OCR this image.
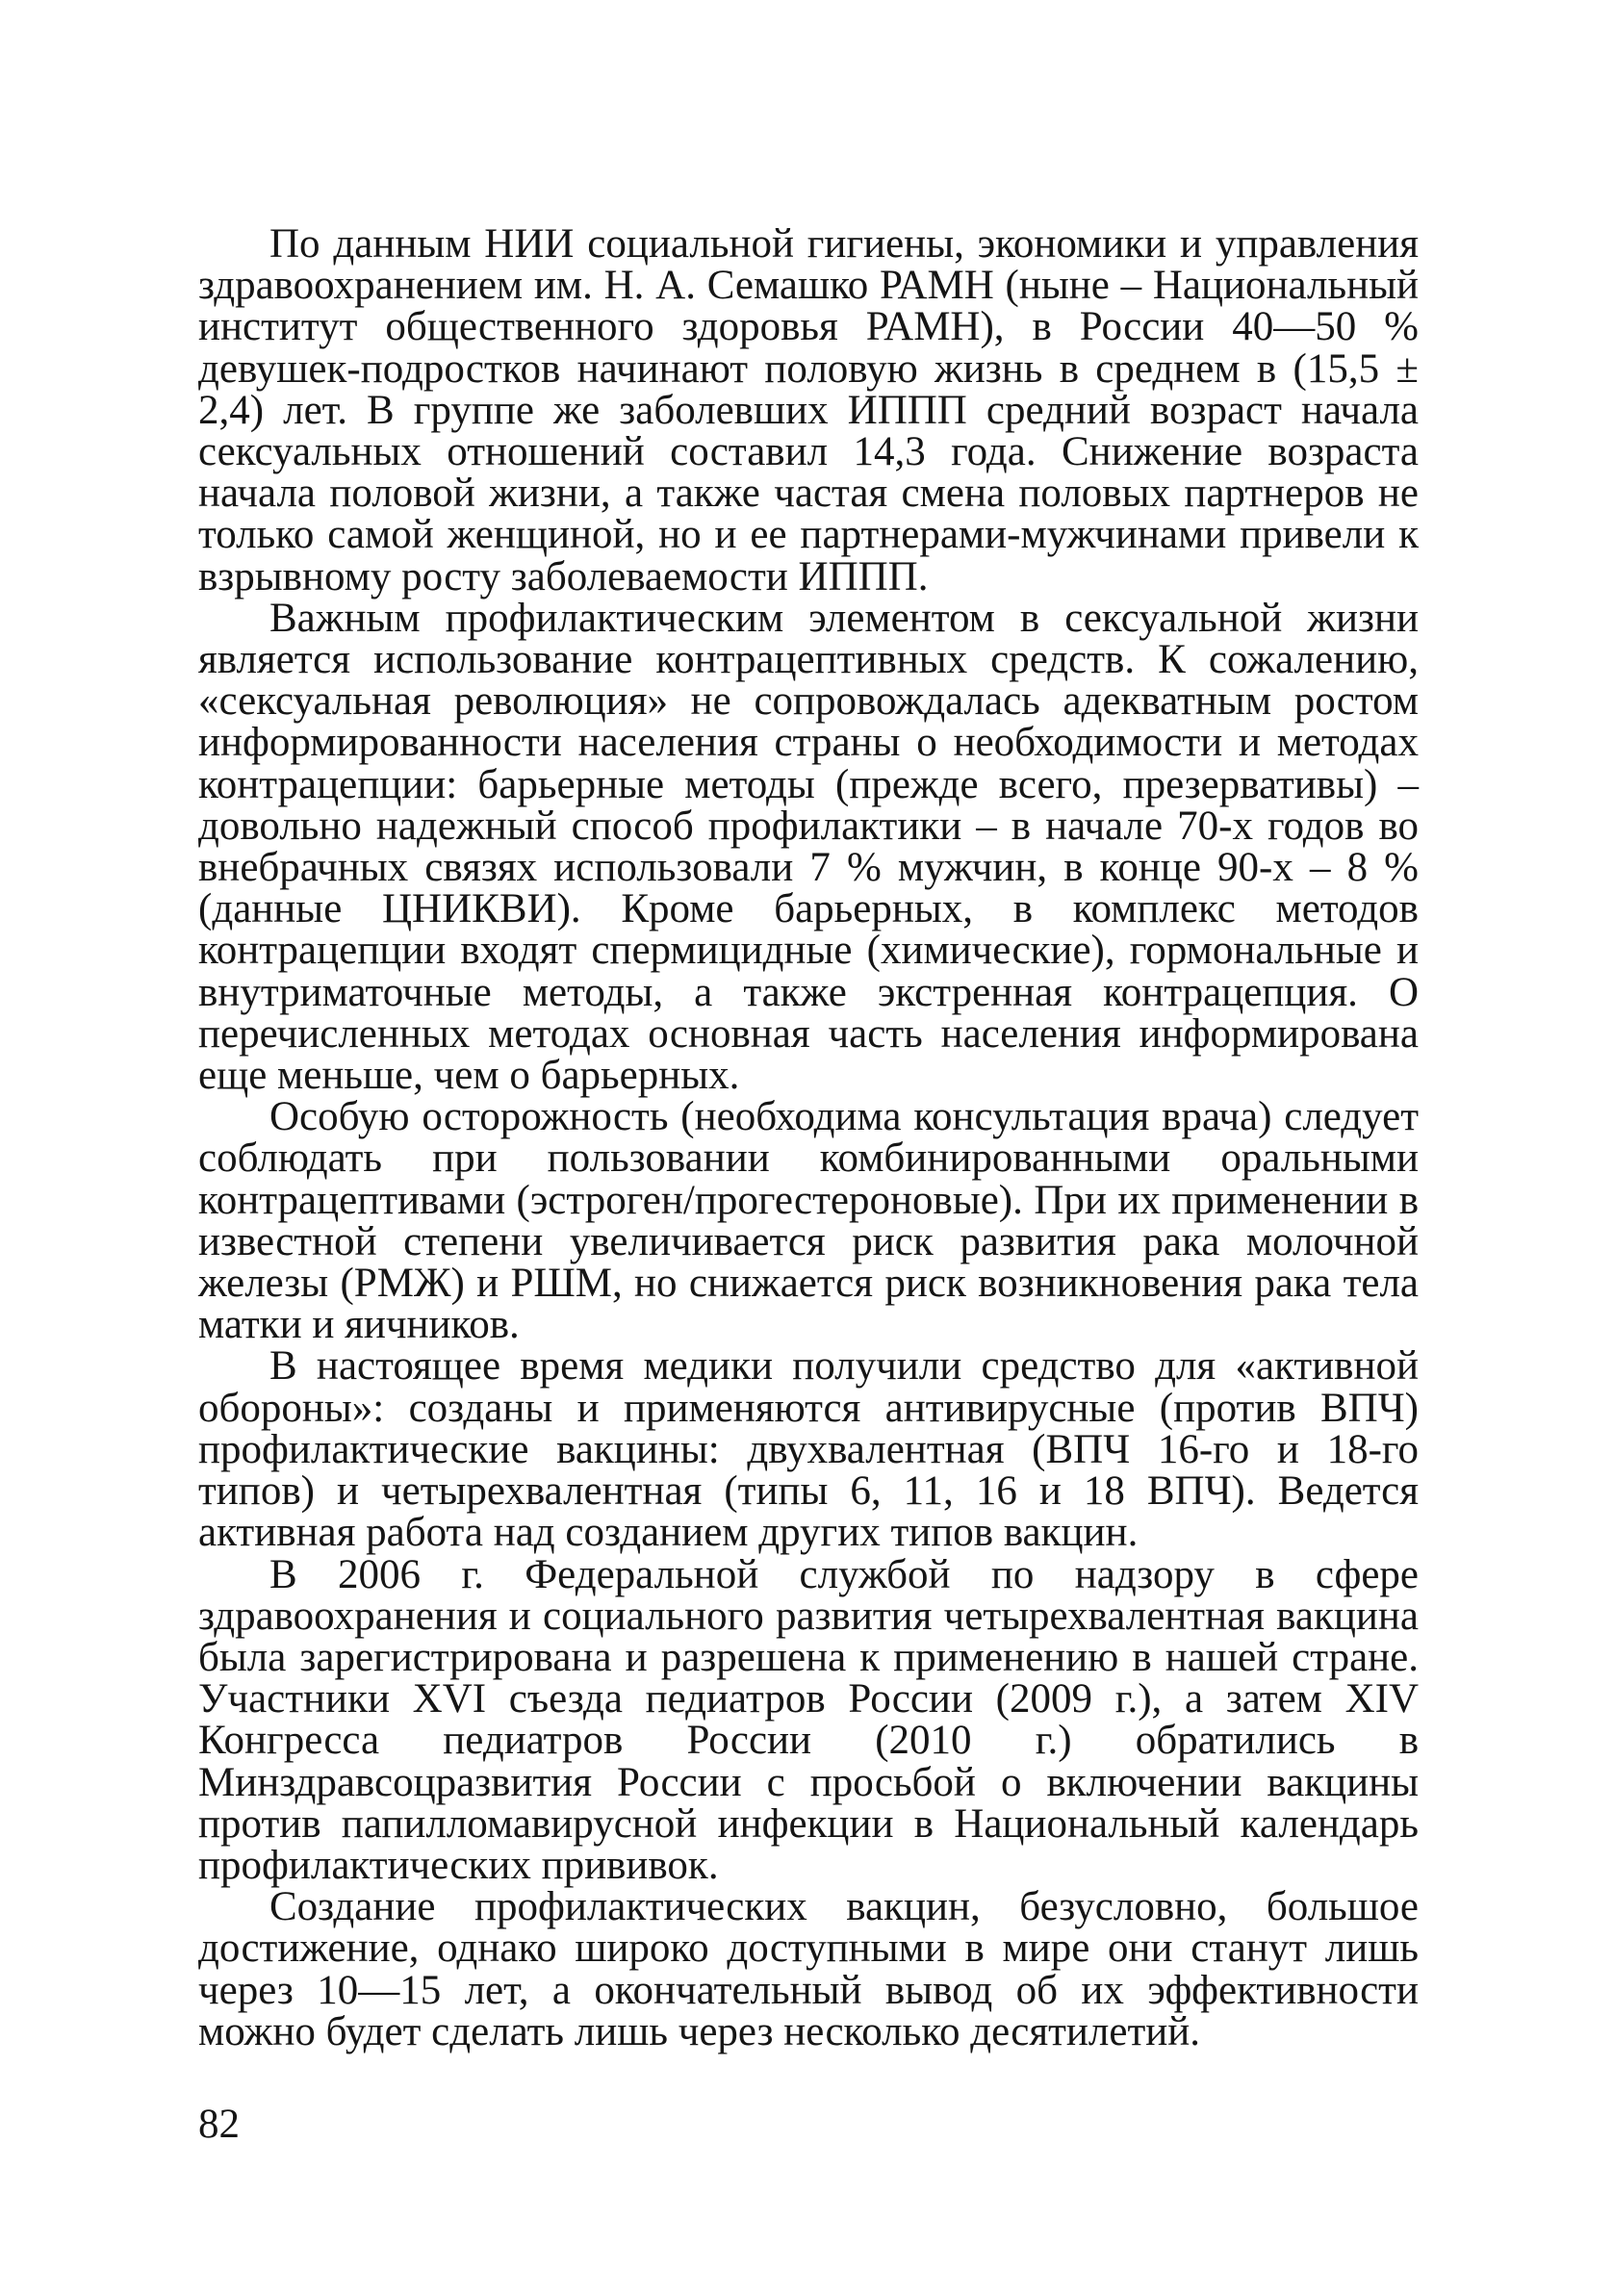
По данным НИИ социальной гигиены, экономики и управления здравоохранением им. Н. А. Семашко РАМН (ныне – Национальный институт общественного здоровья РАМН), в России 40—50 % девушек-подростков начинают половую жизнь в среднем в (15,5 ± 2,4) лет. В группе же заболевших ИППП средний возраст начала сексуальных отношений составил 14,3 года. Снижение возраста начала половой жизни, а также частая смена половых партнеров не только самой женщиной, но и ее партнерами-мужчинами привели к взрывному росту заболеваемости ИППП.

Важным профилактическим элементом в сексуальной жизни является использование контрацептивных средств. К сожалению, «сексуальная революция» не сопровождалась адекватным ростом информированности населения страны о необходимости и методах контрацепции: барьерные методы (прежде всего, презервативы) – довольно надежный способ профилактики – в начале 70-х годов во внебрачных связях использовали 7 % мужчин, в конце 90-х – 8 % (данные ЦНИКВИ). Кроме барьерных, в комплекс методов контрацепции входят спермицидные (химические), гормональные и внутриматочные методы, а также экстренная контрацепция. О перечисленных методах основная часть населения информирована еще меньше, чем о барьерных.

Особую осторожность (необходима консультация врача) следует соблюдать при пользовании комбинированными оральными контрацептивами (эстроген/прогестероновые). При их применении в известной степени увеличивается риск развития рака молочной железы (РМЖ) и РШМ, но снижается риск возникновения рака тела матки и яичников.

В настоящее время медики получили средство для «активной обороны»: созданы и применяются антивирусные (против ВПЧ) профилактические вакцины: двухвалентная (ВПЧ 16-го и 18-го типов) и четырехвалентная (типы 6, 11, 16 и 18 ВПЧ). Ведется активная работа над созданием других типов вакцин.

В 2006 г. Федеральной службой по надзору в сфере здравоохранения и социального развития четырехвалентная вакцина была зарегистрирована и разрешена к применению в нашей стране. Участники XVI съезда педиатров России (2009 г.), а затем XIV Конгресса педиатров России (2010 г.) обратились в Минздравсоцразвития России с просьбой о включении вакцины против папилломавирусной инфекции в Национальный календарь профилактических прививок.

Создание профилактических вакцин, безусловно, большое достижение, однако широко доступными в мире они станут лишь через 10—15 лет, а окончательный вывод об их эффективности можно будет сделать лишь через несколько десятилетий.

82
